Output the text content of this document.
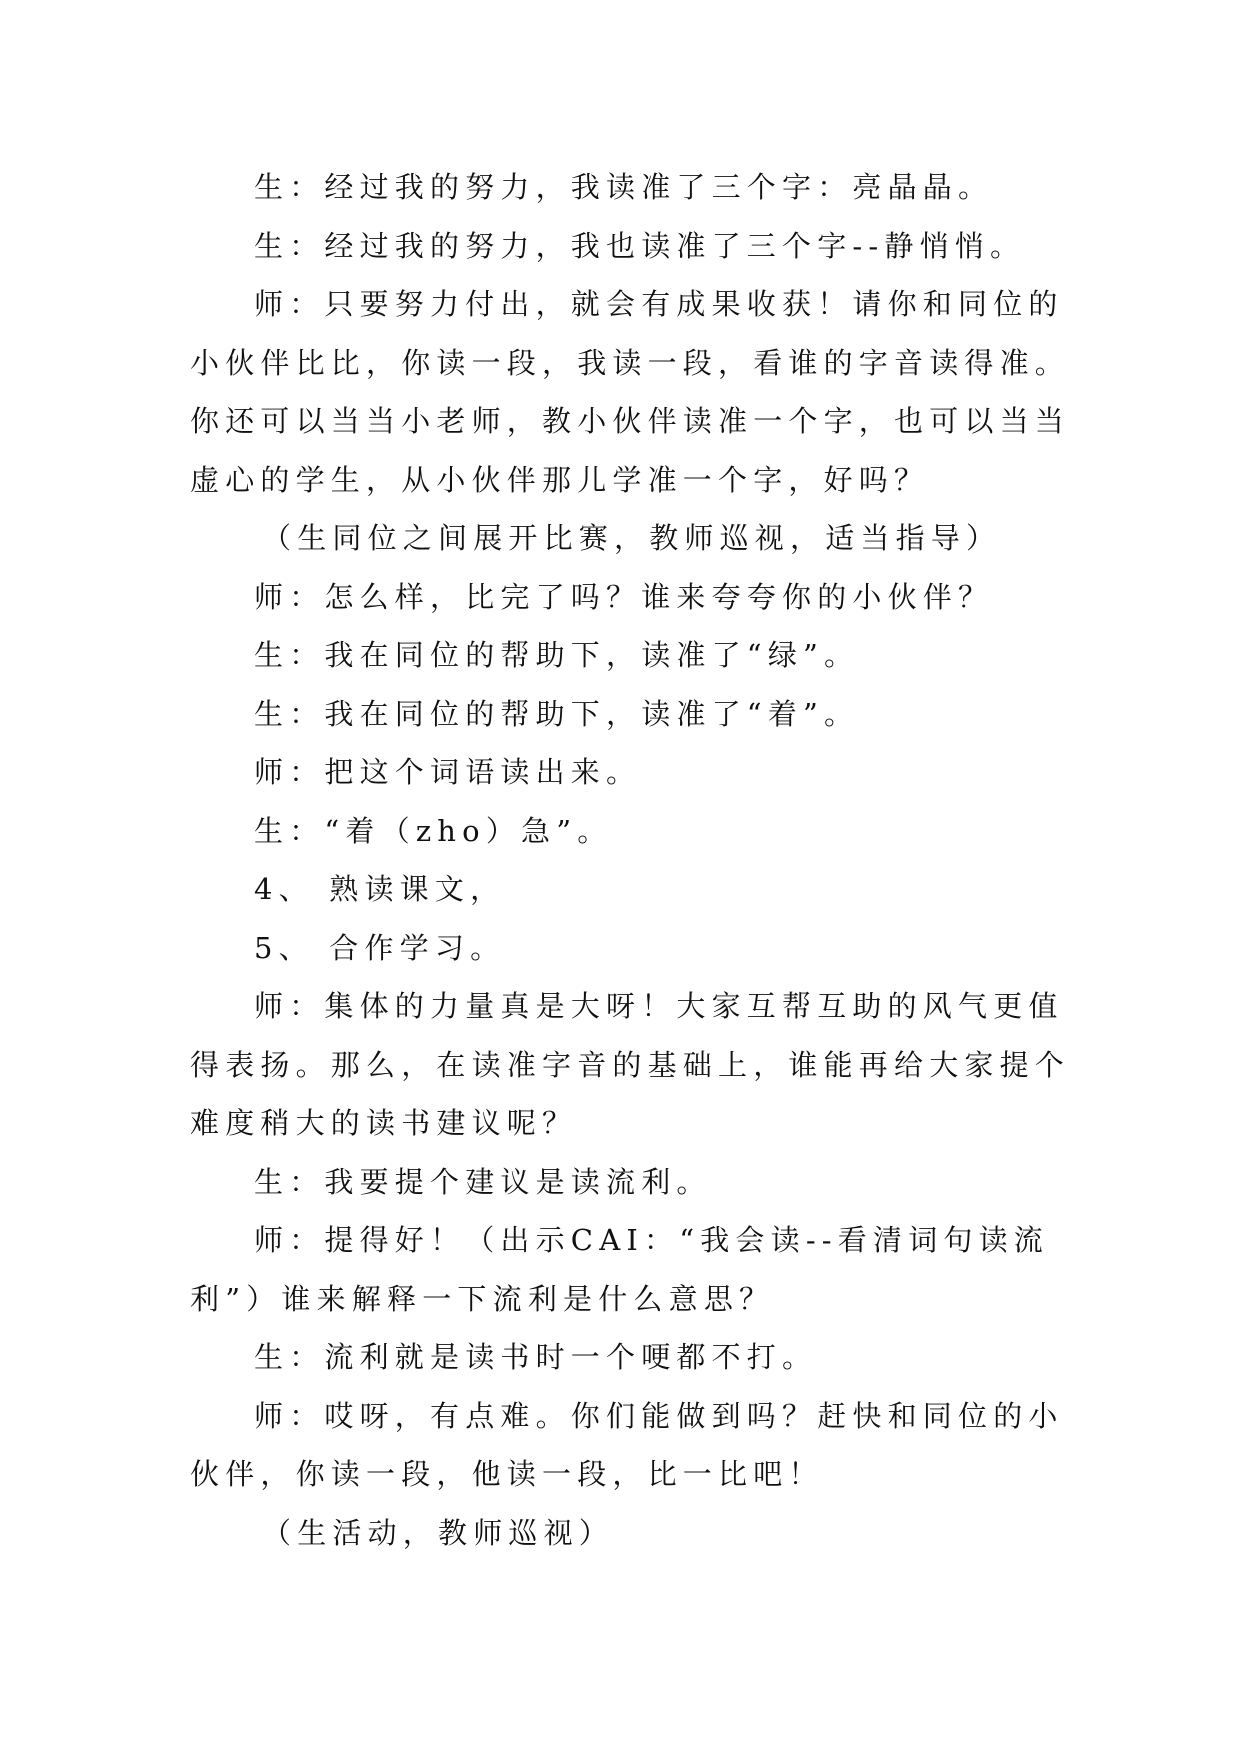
生：经过我的努力，我读准了三个字：亮晶晶。

生：经过我的努力，我也读准了三个字--静悄悄。

师：只要努力付出，就会有成果收获！请你和同位的小伙伴比比，你读一段，我读一段，看谁的字音读得准。你还可以当当小老师，教小伙伴读准一个字，也可以当当虚心的学生，从小伙伴那儿学准一个字，好吗？

（生同位之间展开比赛，教师巡视，适当指导）

师：怎么样，比完了吗？谁来夸夸你的小伙伴？

生：我在同位的帮助下，读准了“绿”。

生：我在同位的帮助下，读准了“着”。

师：把这个词语读出来。

生：“着（zho）急”。

4、 熟读课文，

5、 合作学习。

师：集体的力量真是大呀！大家互帮互助的风气更值得表扬。那么，在读准字音的基础上，谁能再给大家提个难度稍大的读书建议呢？

生：我要提个建议是读流利。

师：提得好！（出示CAI：“我会读--看清词句读流利”）谁来解释一下流利是什么意思？

生：流利就是读书时一个哽都不打。

师：哎呀，有点难。你们能做到吗？赶快和同位的小伙伴，你读一段，他读一段，比一比吧！

（生活动，教师巡视）
